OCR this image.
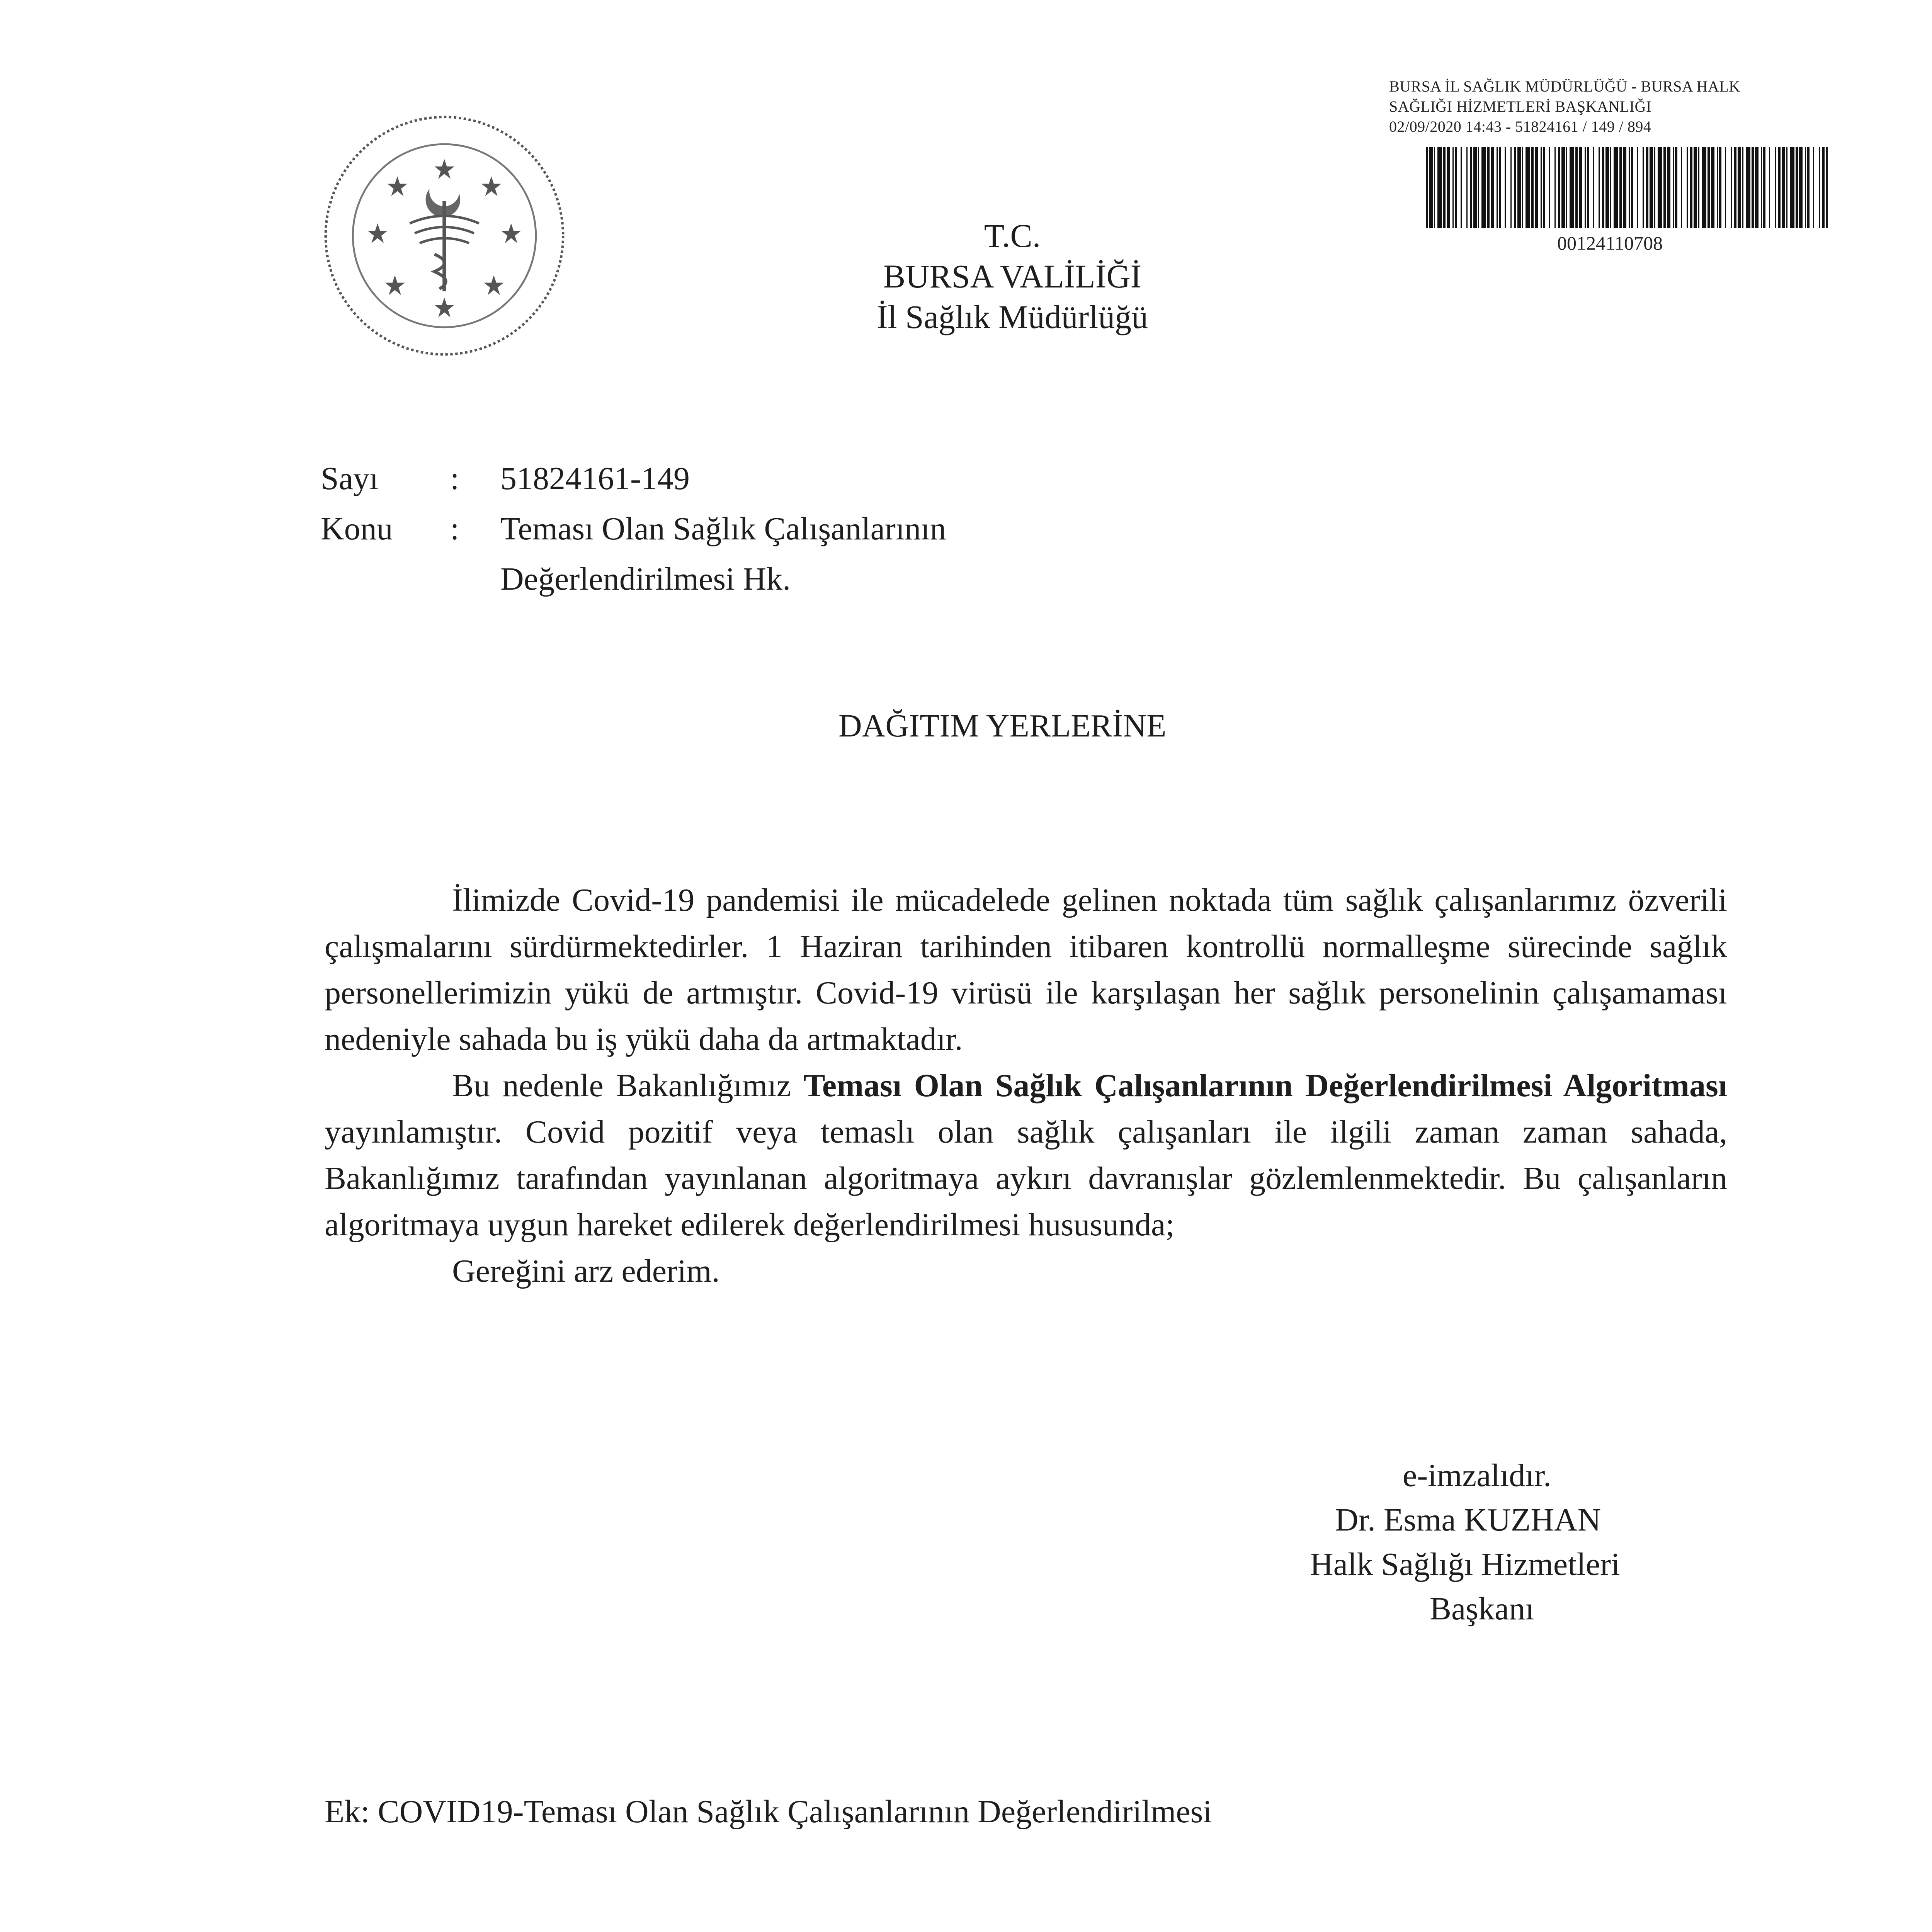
BURSA İL SAĞLIK MÜDÜRLÜĞÜ - BURSA HALK
SAĞLIĞI HİZMETLERİ BAŞKANLIĞI
02/09/2020 14:43 - 51824161 / 149 / 894
00124110708
T.C.
BURSA VALİLİĞİ
İl Sağlık Müdürlüğü
Sayı : 51824161-149
Konu : Teması Olan Sağlık Çalışanlarının
Değerlendirilmesi Hk.
DAĞITIM YERLERİNE

İlimizde Covid-19 pandemisi ile mücadelede gelinen noktada tüm sağlık çalışanlarımız özverili çalışmalarını sürdürmektedirler. 1 Haziran tarihinden itibaren kontrollü normalleşme sürecinde sağlık personellerimizin yükü de artmıştır. Covid-19 virüsü ile karşılaşan her sağlık personelinin çalışamaması nedeniyle sahada bu iş yükü daha da artmaktadır.

Bu nedenle Bakanlığımız Teması Olan Sağlık Çalışanlarının Değerlendirilmesi Algoritması yayınlamıştır. Covid pozitif veya temaslı olan sağlık çalışanları ile ilgili zaman zaman sahada, Bakanlığımız tarafından yayınlanan algoritmaya aykırı davranışlar gözlemlenmektedir. Bu çalışanların algoritmaya uygun hareket edilerek değerlendirilmesi hususunda;

Gereğini arz ederim.

e-imzalıdır.
Dr. Esma KUZHAN
Halk Sağlığı Hizmetleri
Başkanı
Ek: COVID19-Teması Olan Sağlık Çalışanlarının Değerlendirilmesi
